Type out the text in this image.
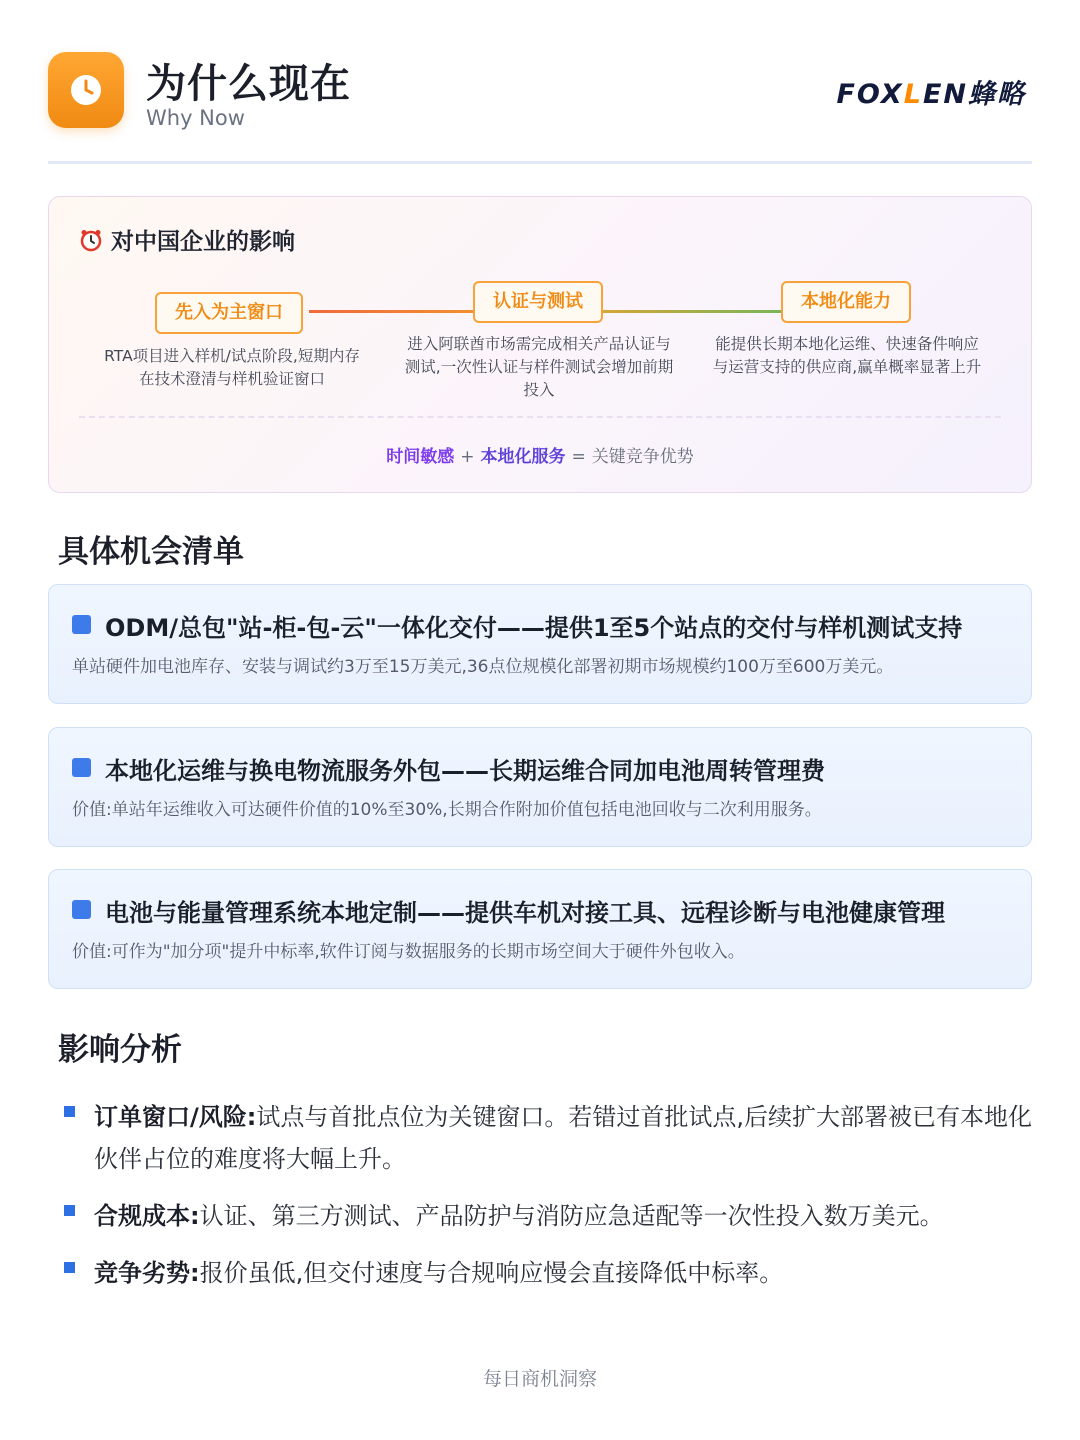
为什么现在
Why Now
FOXLEN蜂略
对中国企业的影响
先入为主窗口
RTA项目进入样机/试点阶段,短期内存在技术澄清与样机验证窗口
认证与测试
进入阿联酋市场需完成相关产品认证与测试,一次性认证与样件测试会增加前期投入
本地化能力
能提供长期本地化运维、快速备件响应与运营支持的供应商,赢单概率显著上升
时间敏感 + 本地化服务 = 关键竞争优势
具体机会清单
ODM/总包"站-柜-包-云"一体化交付——提供1至5个站点的交付与样机测试支持
单站硬件加电池库存、安装与调试约3万至15万美元,36点位规模化部署初期市场规模约100万至600万美元。
本地化运维与换电物流服务外包——长期运维合同加电池周转管理费
价值:单站年运维收入可达硬件价值的10%至30%,长期合作附加价值包括电池回收与二次利用服务。
电池与能量管理系统本地定制——提供车机对接工具、远程诊断与电池健康管理
价值:可作为"加分项"提升中标率,软件订阅与数据服务的长期市场空间大于硬件外包收入。
影响分析
订单窗口/风险:试点与首批点位为关键窗口。若错过首批试点,后续扩大部署被已有本地化伙伴占位的难度将大幅上升。
合规成本:认证、第三方测试、产品防护与消防应急适配等一次性投入数万美元。
竞争劣势:报价虽低,但交付速度与合规响应慢会直接降低中标率。
每日商机洞察
